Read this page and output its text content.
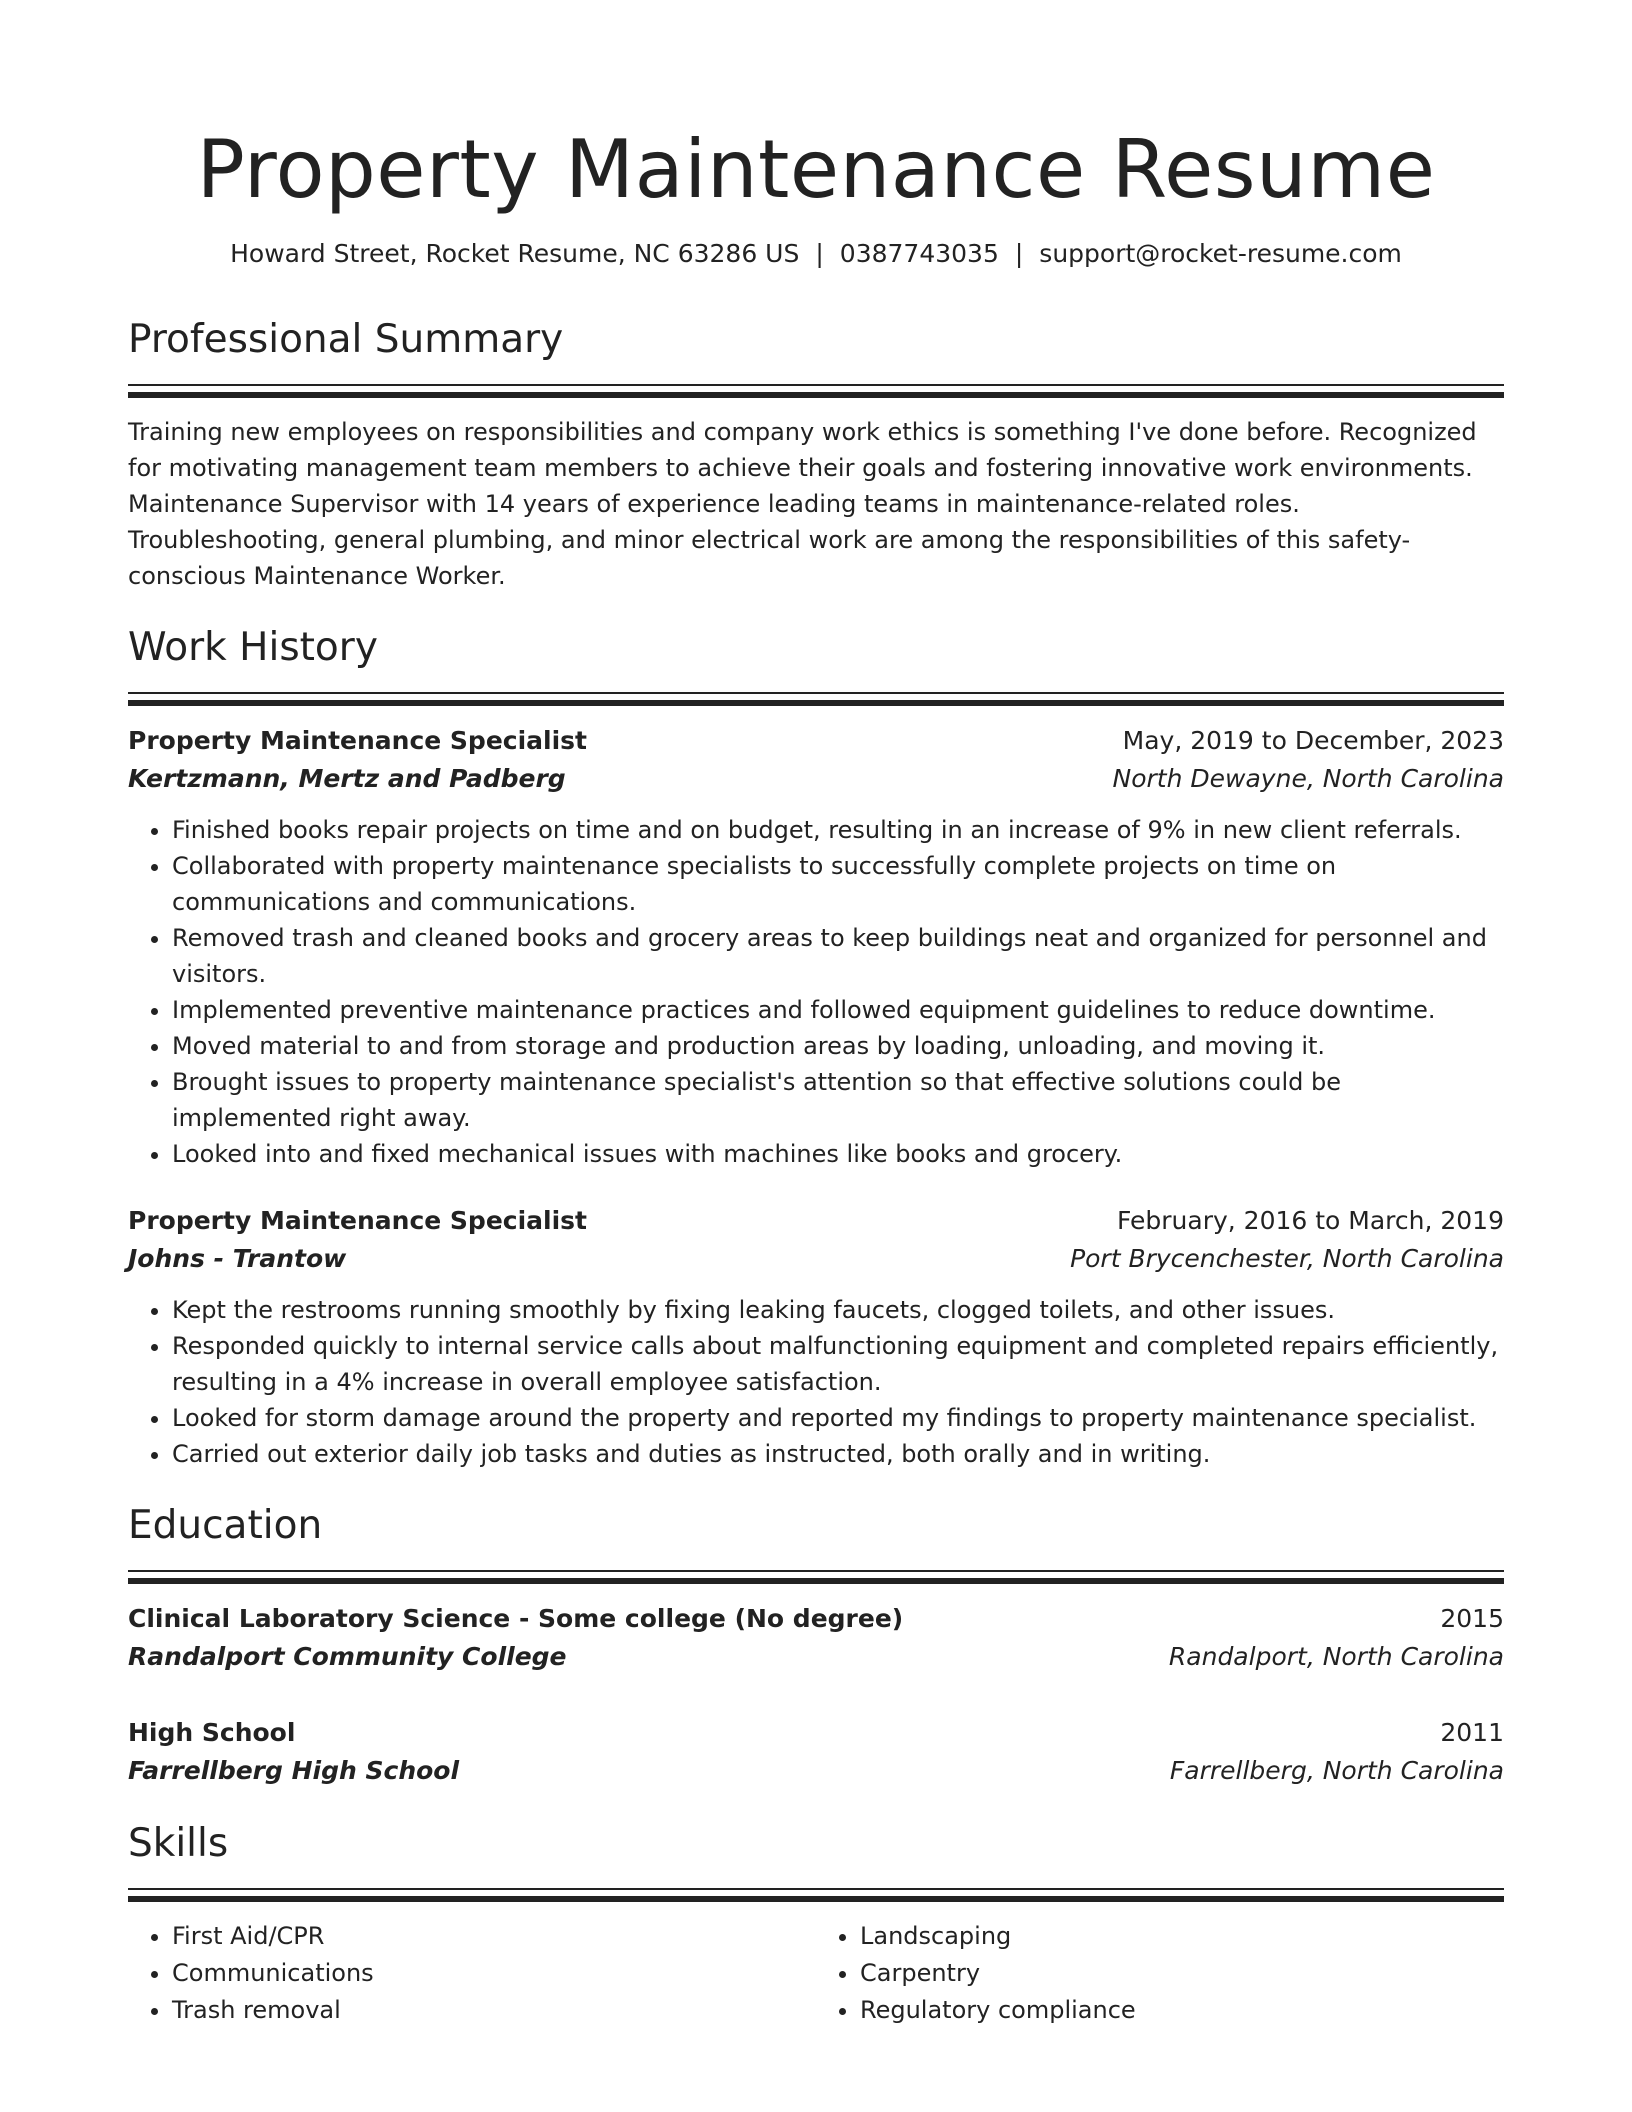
Property Maintenance Resume
Howard Street, Rocket Resume, NC 63286 US | 0387743035 | support@rocket-resume.com
Professional Summary

Training new employees on responsibilities and company work ethics is something I've done before. Recognized for motivating management team members to achieve their goals and fostering innovative work environments. Maintenance Supervisor with 14 years of experience leading teams in maintenance-related roles. Troubleshooting, general plumbing, and minor electrical work are among the responsibilities of this safety-conscious Maintenance Worker.

Work History
Property Maintenance Specialist	May, 2019 to December, 2023
Kertzmann, Mertz and Padberg	North Dewayne, North Carolina
• Finished books repair projects on time and on budget, resulting in an increase of 9% in new client referrals.
• Collaborated with property maintenance specialists to successfully complete projects on time on communications and communications.
• Removed trash and cleaned books and grocery areas to keep buildings neat and organized for personnel and visitors.
• Implemented preventive maintenance practices and followed equipment guidelines to reduce downtime.
• Moved material to and from storage and production areas by loading, unloading, and moving it.
• Brought issues to property maintenance specialist's attention so that effective solutions could be implemented right away.
• Looked into and fixed mechanical issues with machines like books and grocery.
Property Maintenance Specialist	February, 2016 to March, 2019
Johns - Trantow	Port Brycenchester, North Carolina
• Kept the restrooms running smoothly by fixing leaking faucets, clogged toilets, and other issues.
• Responded quickly to internal service calls about malfunctioning equipment and completed repairs efficiently, resulting in a 4% increase in overall employee satisfaction.
• Looked for storm damage around the property and reported my findings to property maintenance specialist.
• Carried out exterior daily job tasks and duties as instructed, both orally and in writing.
Education
Clinical Laboratory Science - Some college (No degree)	2015
Randalport Community College	Randalport, North Carolina
High School	2011
Farrellberg High School	Farrellberg, North Carolina
Skills
• First Aid/CPR
• Communications
• Trash removal
• Landscaping
• Carpentry
• Regulatory compliance
